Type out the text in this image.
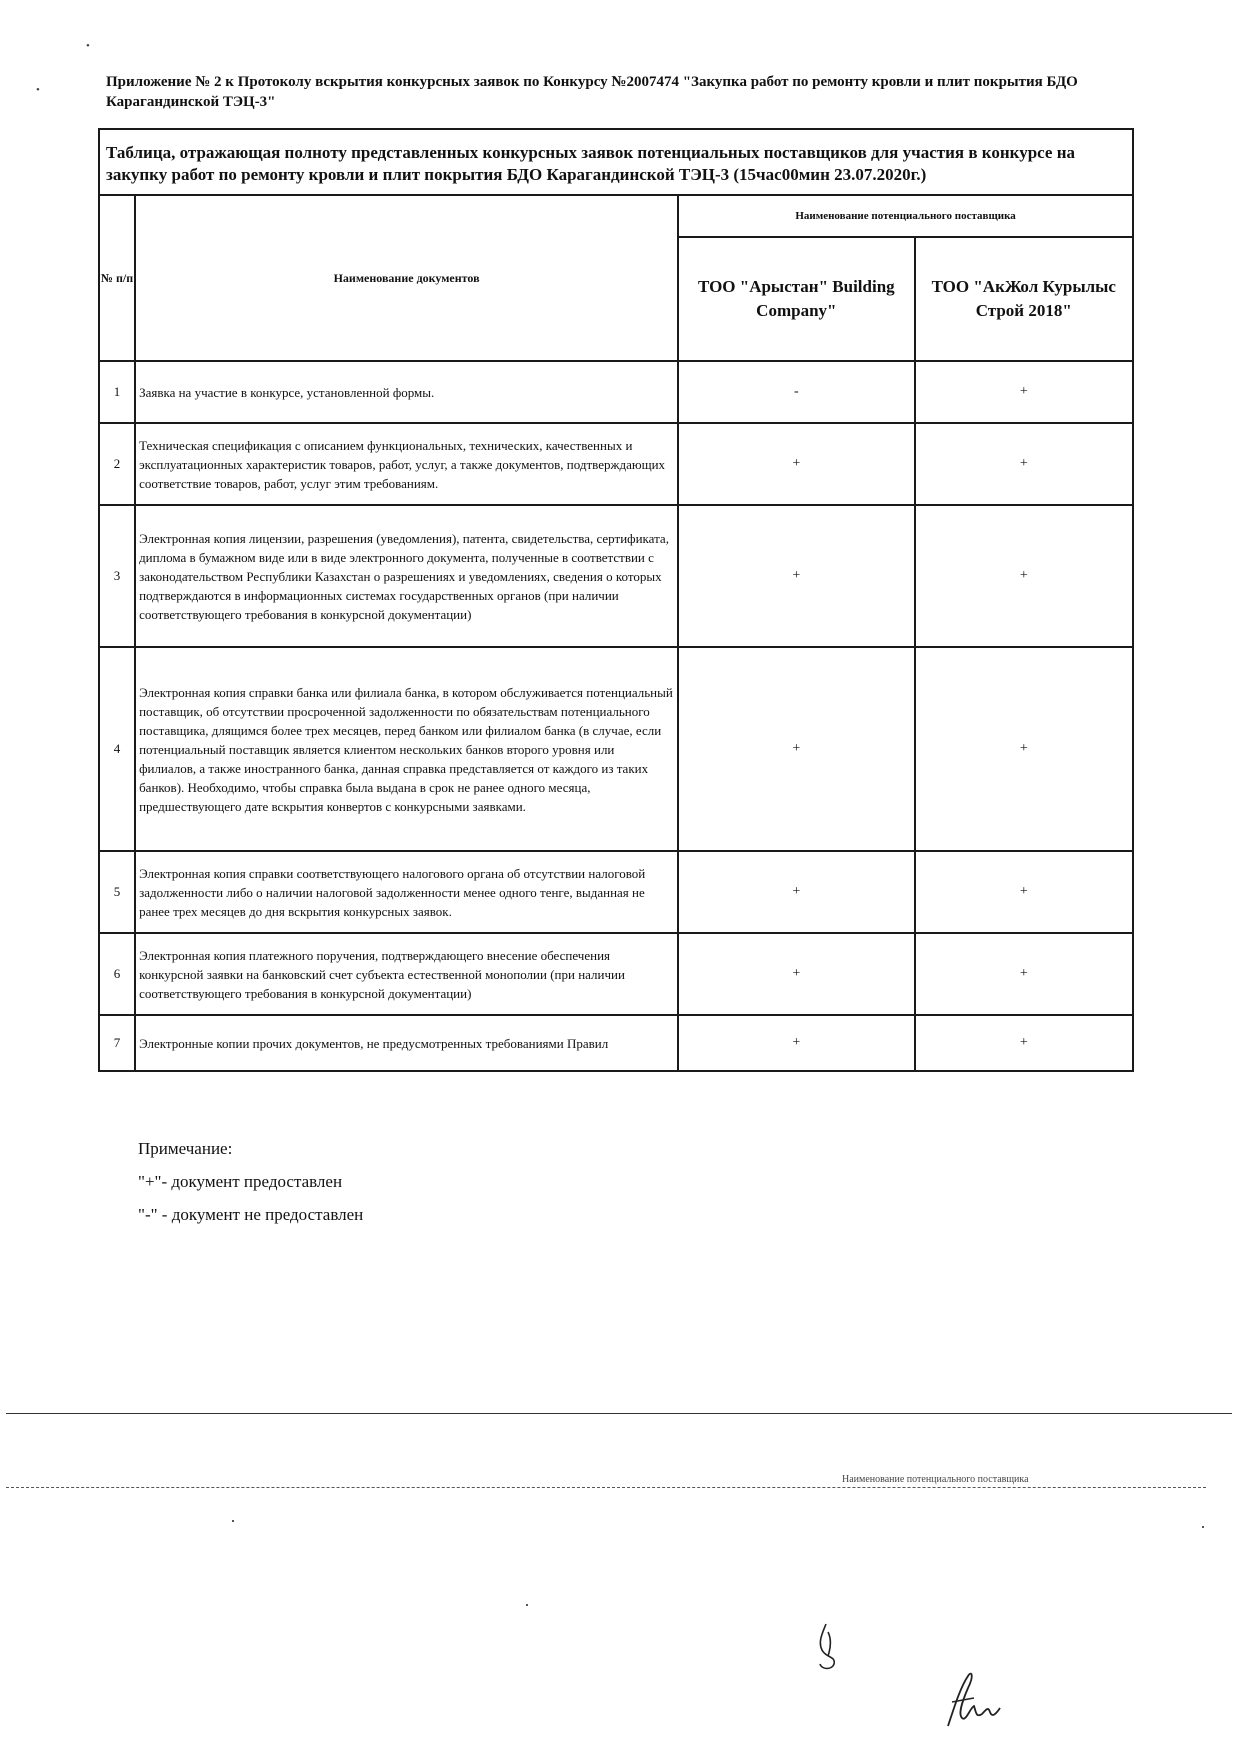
•
•	Приложение № 2 к Протоколу вскрытия конкурсных заявок по Конкурсу №2007474 "Закупка работ по ремонту кровли и плит покрытия БДО Карагандинской ТЭЦ-3"
Таблица, отражающая полноту представленных конкурсных заявок потенциальных поставщиков для участия в конкурсе на закупку работ по ремонту кровли и плит покрытия БДО Карагандинской ТЭЦ-3 (15час00мин 23.07.2020г.)			
№ п/п	Наименование документов	Наименование потенциального поставщика	
		ТОО "Арыстан" Building Company"	ТОО "АкЖол Курылыс Строй 2018"
1	Заявка на участие в конкурсе, установленной формы.	-	+
2	Техническая спецификация с описанием функциональных, технических, качественных и эксплуатационных характеристик товаров, работ, услуг, а также документов, подтверждающих соответствие товаров, работ, услуг этим требованиям.	+	+
3	Электронная копия лицензии, разрешения (уведомления), патента, свидетельства, сертификата, диплома в бумажном виде или в виде электронного документа, полученные в соответствии с законодательством Республики Казахстан о разрешениях и уведомлениях, сведения о которых подтверждаются в информационных системах государственных органов (при наличии соответствующего требования в конкурсной документации)	+	+
4	Электронная копия справки банка или филиала банка, в котором обслуживается потенциальный поставщик, об отсутствии просроченной задолженности по обязательствам потенциального поставщика, длящимся более трех месяцев, перед банком или филиалом банка (в случае, если потенциальный поставщик является клиентом нескольких банков второго уровня или филиалов, а также иностранного банка, данная справка представляется от каждого из таких банков). Необходимо, чтобы справка была выдана в срок не ранее одного месяца, предшествующего дате вскрытия конвертов с конкурсными заявками.	+	+
5	Электронная копия справки соответствующего налогового органа об отсутствии налоговой задолженности либо о наличии налоговой задолженности менее одного тенге, выданная не ранее трех месяцев до дня вскрытия конкурсных заявок.	+	+
6	Электронная копия платежного поручения, подтверждающего внесение обеспечения конкурсной заявки на банковский счет субъекта естественной монополии (при наличии соответствующего требования в конкурсной документации)	+	+
7	Электронные копии прочих документов, не предусмотренных требованиями Правил	+	+
Примечание:
"+"- документ предоставлен
"-" - документ не предоставлен
Наименование потенциального поставщика
